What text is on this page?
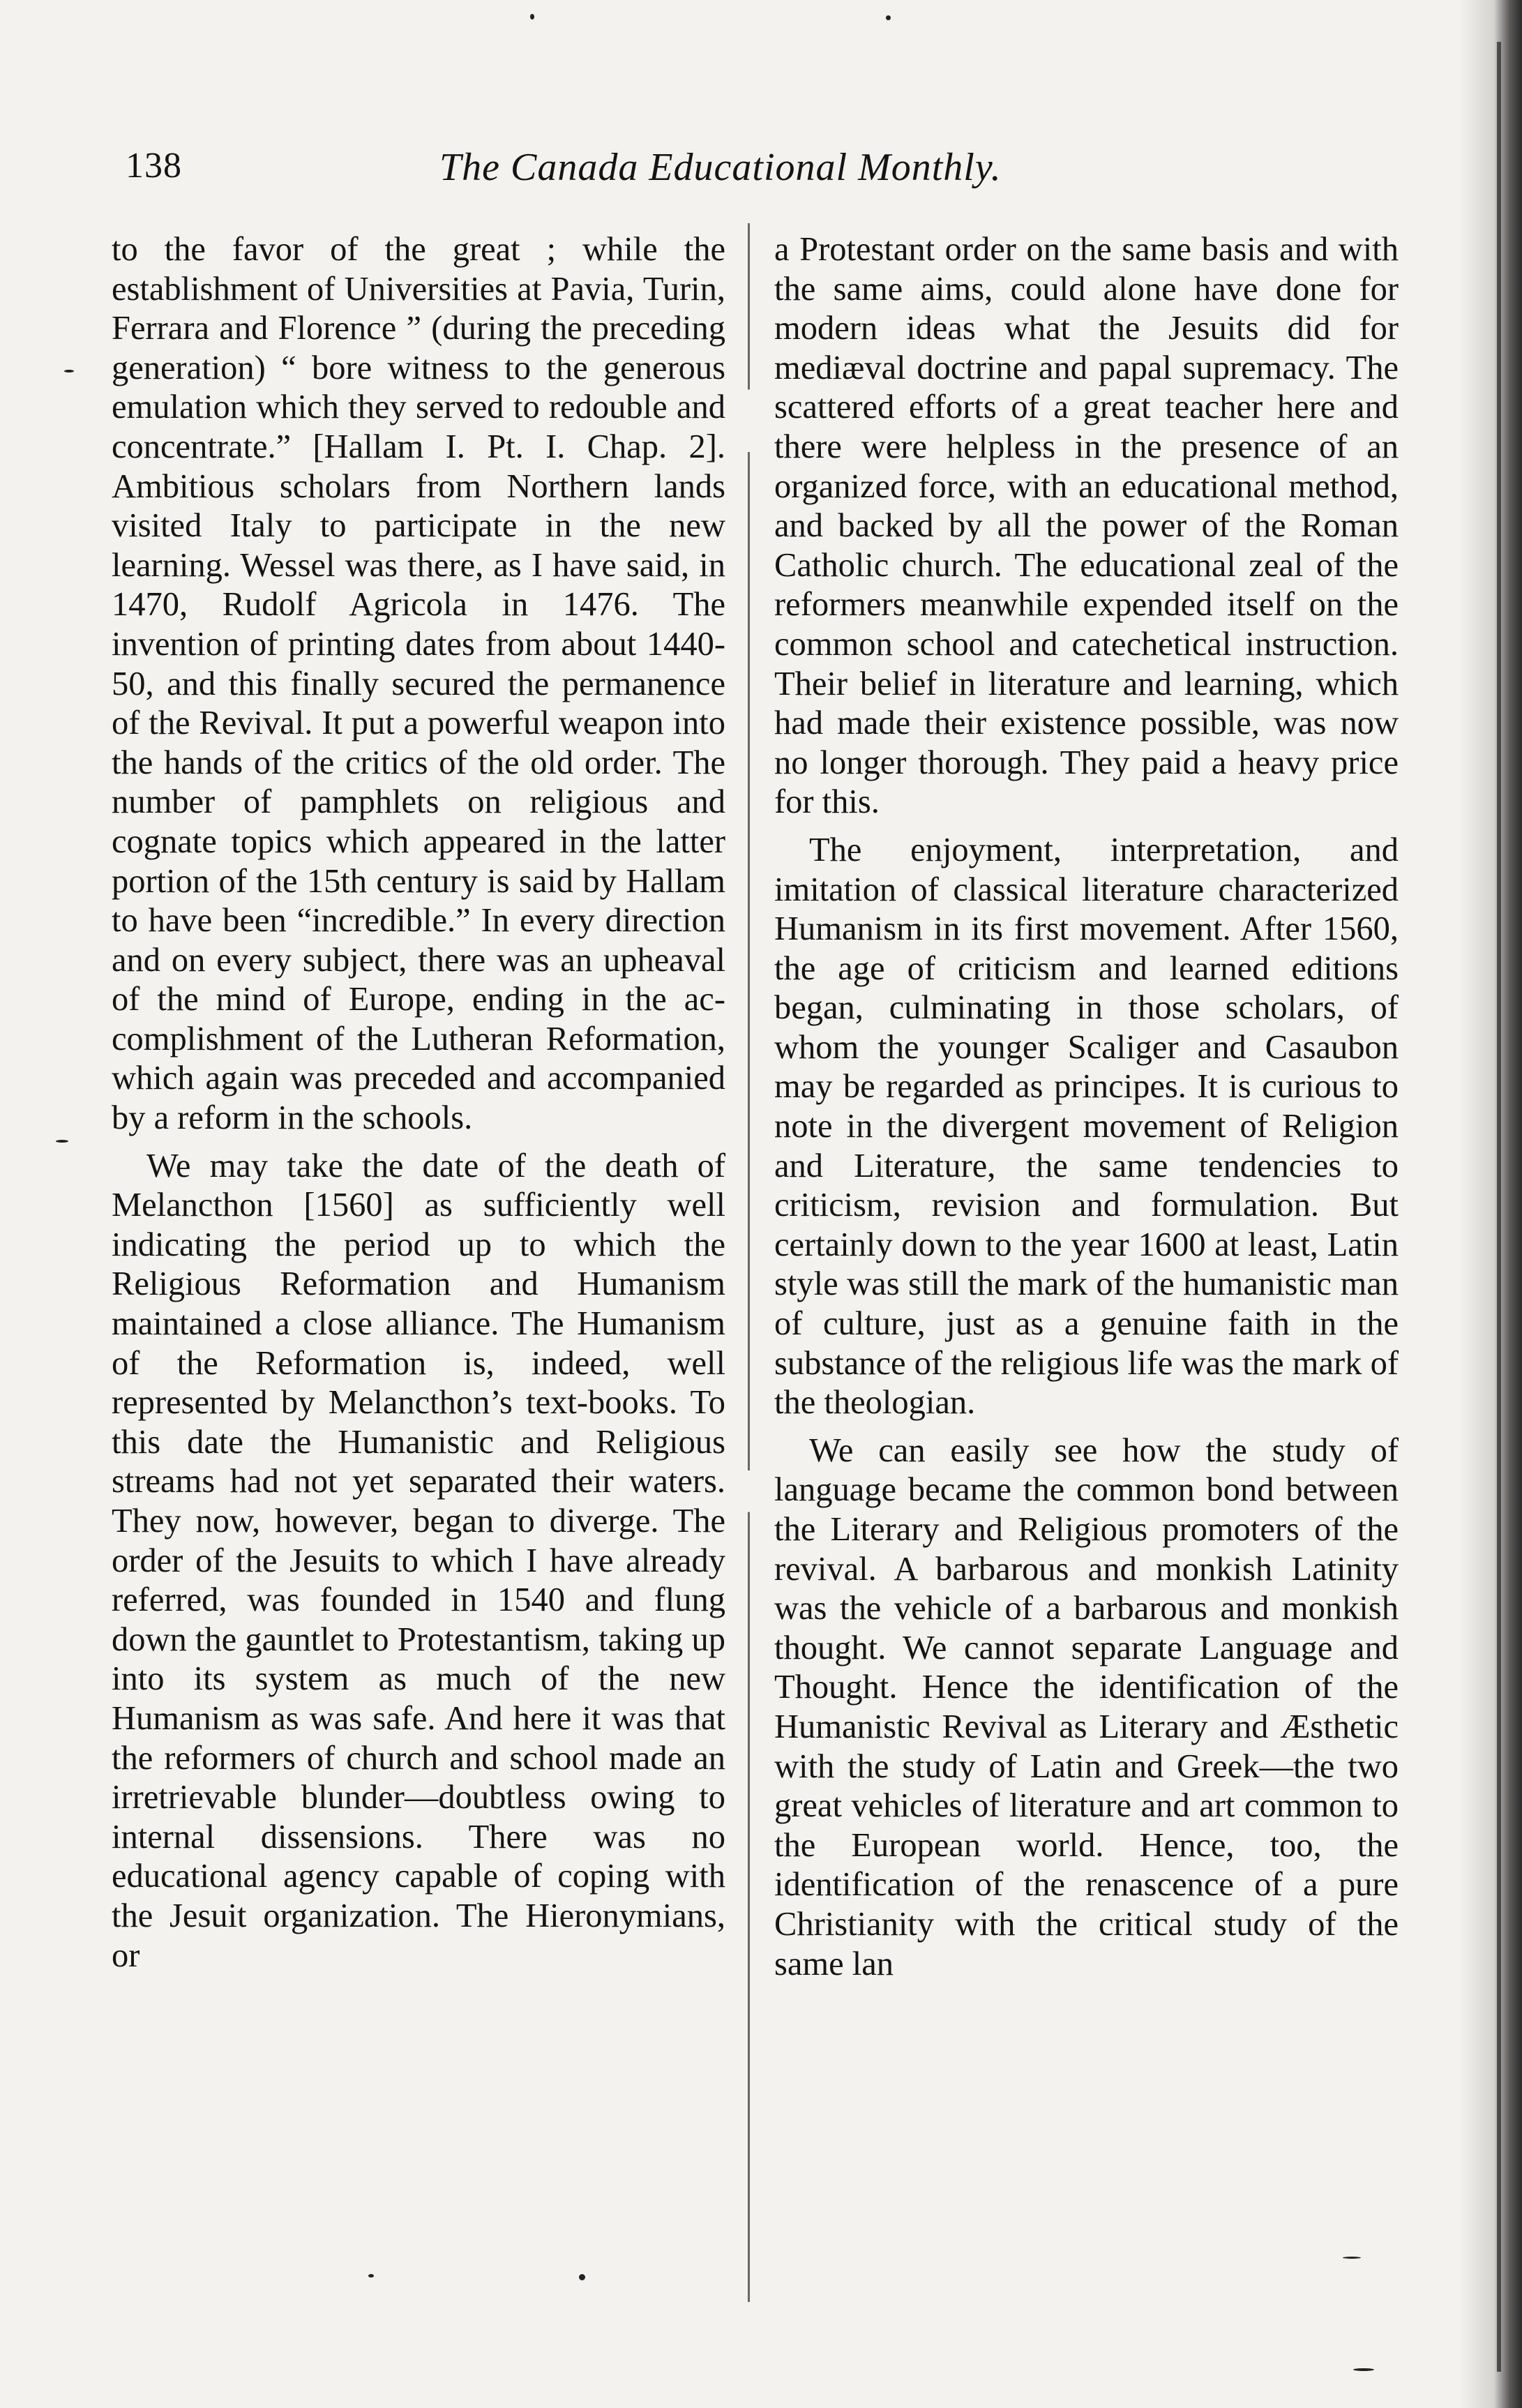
138	The Canada Educational Monthly.

to the favor of the great ; while the establishment of Universities at Pavia, Turin, Ferrara and Florence ” (during the preceding generation) “ bore witness to the generous emulation which they served to redouble and concentrate.” [Hallam I. Pt. I. Chap. 2]. Ambitious scholars from Northern lands visited Italy to participate in the new learning. Wessel was there, as I have said, in 1470, Rudolf Agricola in 1476. The invention of printing dates from about 1440-50, and this finally secured the permanence of the Revival. It put a powerful weapon into the hands of the critics of the old order. The number of pamphlets on religious and cognate topics which appeared in the latter portion of the 15th century is said by Hallam to have been “incredible.” In every direction and on every subject, there was an upheaval of the mind of Europe, ending in the accomplishment of the Lutheran Reformation, which again was preceded and accompanied by a reform in the schools.

We may take the date of the death of Melancthon [1560] as sufficiently well indicating the period up to which the Religious Reformation and Humanism maintained a close alliance. The Humanism of the Reformation is, indeed, well represented by Melancthon’s text-books. To this date the Humanistic and Religious streams had not yet separated their waters. They now, however, began to diverge. The order of the Jesuits to which I have already referred, was founded in 1540 and flung down the gauntlet to Protestantism, taking up into its system as much of the new Humanism as was safe. And here it was that the reformers of church and school made an irretrievable blunder—doubtless owing to internal dissensions. There was no educational agency capable of coping with the Jesuit organization. The Hieronymians, or

a Protestant order on the same basis and with the same aims, could alone have done for modern ideas what the Jesuits did for mediæval doctrine and papal supremacy. The scattered efforts of a great teacher here and there were helpless in the presence of an organized force, with an educational method, and backed by all the power of the Roman Catholic church. The educational zeal of the reformers meanwhile expended itself on the common school and catechetical instruction. Their belief in literature and learning, which had made their existence possible, was now no longer thorough. They paid a heavy price for this.

The enjoyment, interpretation, and imitation of classical literature characterized Humanism in its first movement. After 1560, the age of criticism and learned editions began, culminating in those scholars, of whom the younger Scaliger and Casaubon may be regarded as principes. It is curious to note in the divergent movement of Religion and Literature, the same tendencies to criticism, revision and formulation. But certainly down to the year 1600 at least, Latin style was still the mark of the humanistic man of culture, just as a genuine faith in the substance of the religious life was the mark of the theologian.

We can easily see how the study of language became the common bond between the Literary and Religious promoters of the revival. A barbarous and monkish Latinity was the vehicle of a barbarous and monkish thought. We cannot separate Language and Thought. Hence the identification of the Humanistic Revival as Literary and Æsthetic with the study of Latin and Greek—the two great vehicles of literature and art common to the European world. Hence, too, the identification of the renascence of a pure Christianity with the critical study of the same lan
